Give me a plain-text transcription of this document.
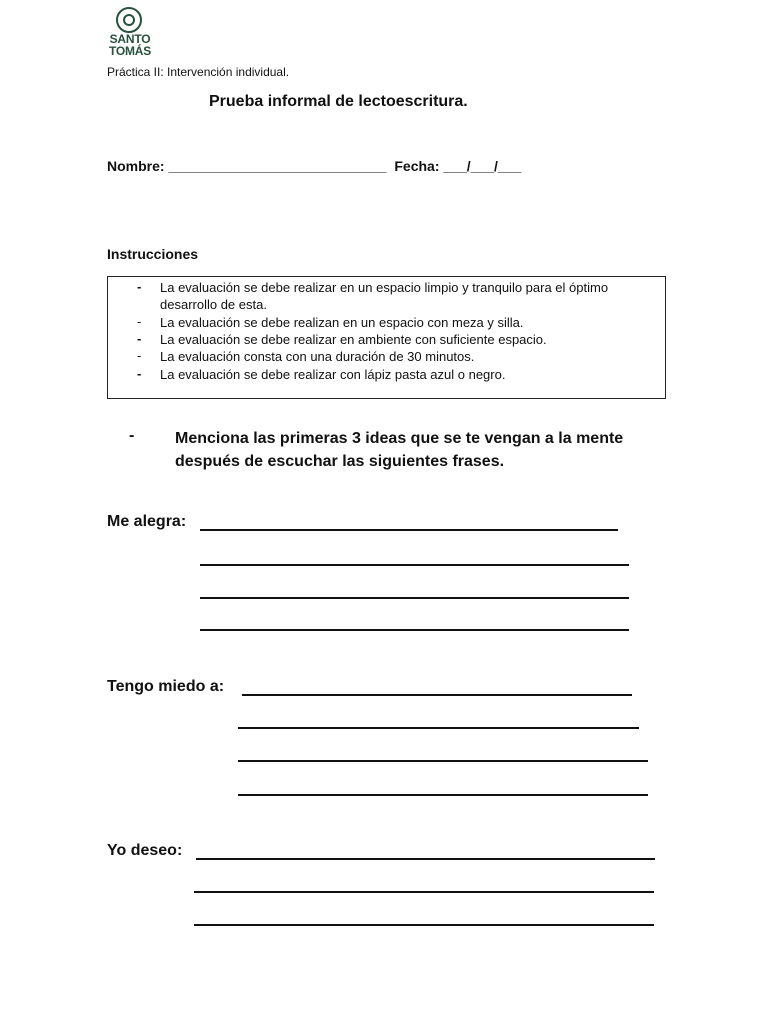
SANTO
TOMÁS
Práctica II: Intervención individual.
Prueba informal de lectoescritura.
Nombre: ____________________________ Fecha: ___/___/___
Instrucciones
- La evaluación se debe realizar en un espacio limpio y tranquilo para el óptimo desarrollo de esta.
- La evaluación se debe realizan en un espacio con meza y silla.
- La evaluación se debe realizar en ambiente con suficiente espacio.
- La evaluación consta con una duración de 30 minutos.
- La evaluación se debe realizar con lápiz pasta azul o negro.
-	Menciona las primeras 3 ideas que se te vengan a la mente después de escuchar las siguientes frases.
Me alegra:
Tengo miedo a:
Yo deseo:
